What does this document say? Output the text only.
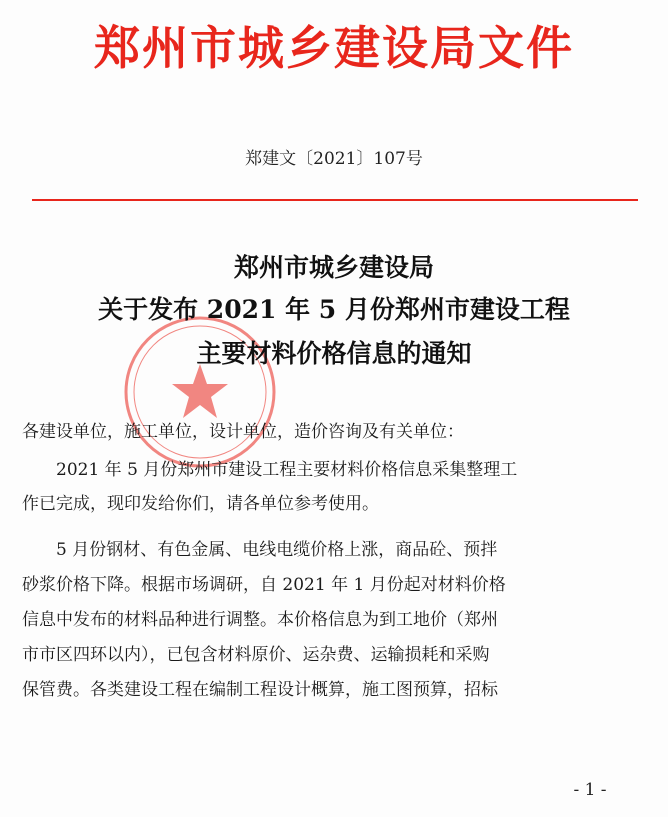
郑州市城乡建设局文件
郑建文〔2021〕107号
郑州市城乡建设局
关于发布 2021 年 5 月份郑州市建设工程
主要材料价格信息的通知
各建设单位，施工单位，设计单位，造价咨询及有关单位：
　　2021 年 5 月份郑州市建设工程主要材料价格信息采集整理工
作已完成，现印发给你们，请各单位参考使用。
　　5 月份钢材、有色金属、电线电缆价格上涨，商品砼、预拌
砂浆价格下降。根据市场调研，自 2021 年 1 月份起对材料价格
信息中发布的材料品种进行调整。本价格信息为到工地价（郑州
市市区四环以内），已包含材料原价、运杂费、运输损耗和采购
保管费。各类建设工程在编制工程设计概算，施工图预算，招标
- 1 -
